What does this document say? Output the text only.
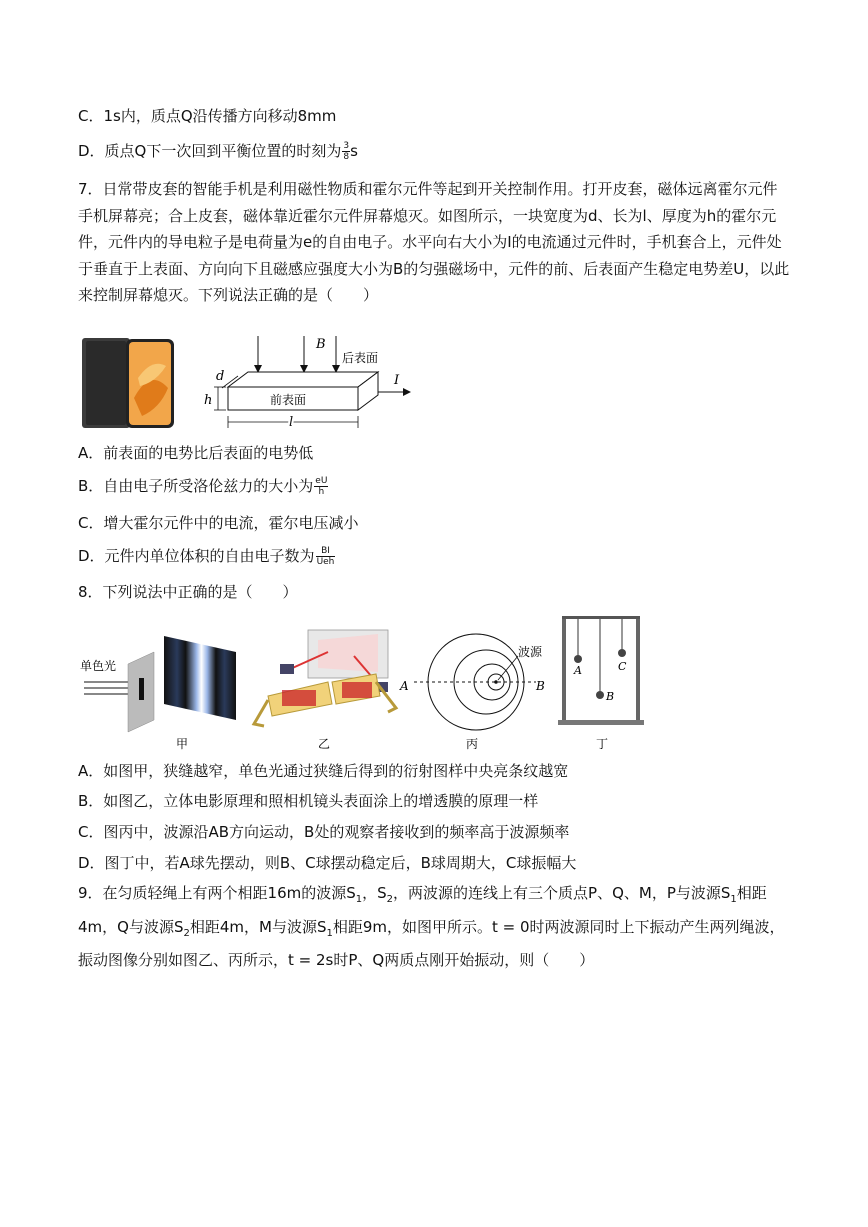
C．1s内，质点Q沿传播方向移动8mm
D．质点Q下一次回到平衡位置的时刻为 $\frac{3}{8}$ s
7．日常带皮套的智能手机是利用磁性物质和霍尔元件等起到开关控制作用。打开皮套，磁体远离霍尔元件手机屏幕亮；合上皮套，磁体靠近霍尔元件屏幕熄灭。如图所示，一块宽度为d、长为l、厚度为h的霍尔元件，元件内的导电粒子是电荷量为e的自由电子。水平向右大小为I的电流通过元件时，手机套合上，元件处于垂直于上表面、方向向下且磁感应强度大小为B的匀强磁场中，元件的前、后表面产生稳定电势差U，以此来控制屏幕熄灭。下列说法正确的是（　　）
B
后表面
前表面
I
d
h
l
A．前表面的电势比后表面的电势低
B．自由电子所受洛伦兹力的大小为 $\frac{eU}{h}$
C．增大霍尔元件中的电流，霍尔电压减小
D．元件内单位体积的自由电子数为 $\frac{BI}{\text{Ueh}}$
8．下列说法中正确的是（　　）
单色光
甲	乙
A	B
波源
丙
A
B
C
丁
A．如图甲，狭缝越窄，单色光通过狭缝后得到的衍射图样中央亮条纹越宽
B．如图乙，立体电影原理和照相机镜头表面涂上的增透膜的原理一样
C．图丙中，波源沿AB方向运动，B处的观察者接收到的频率高于波源频率
D．图丁中，若A球先摆动，则B、C球摆动稳定后，B球周期大，C球振幅大
9．在匀质轻绳上有两个相距16m的波源$S_1$，$S_2$，两波源的连线上有三个质点P、Q、M，P与波源$S_1$相距4m，Q与波源$S_2$相距4m，M与波源$S_1$相距9m，如图甲所示。t = 0时两波源同时上下振动产生两列绳波，振动图像分别如图乙、丙所示，t = 2s时P、Q两质点刚开始振动，则（　　）
